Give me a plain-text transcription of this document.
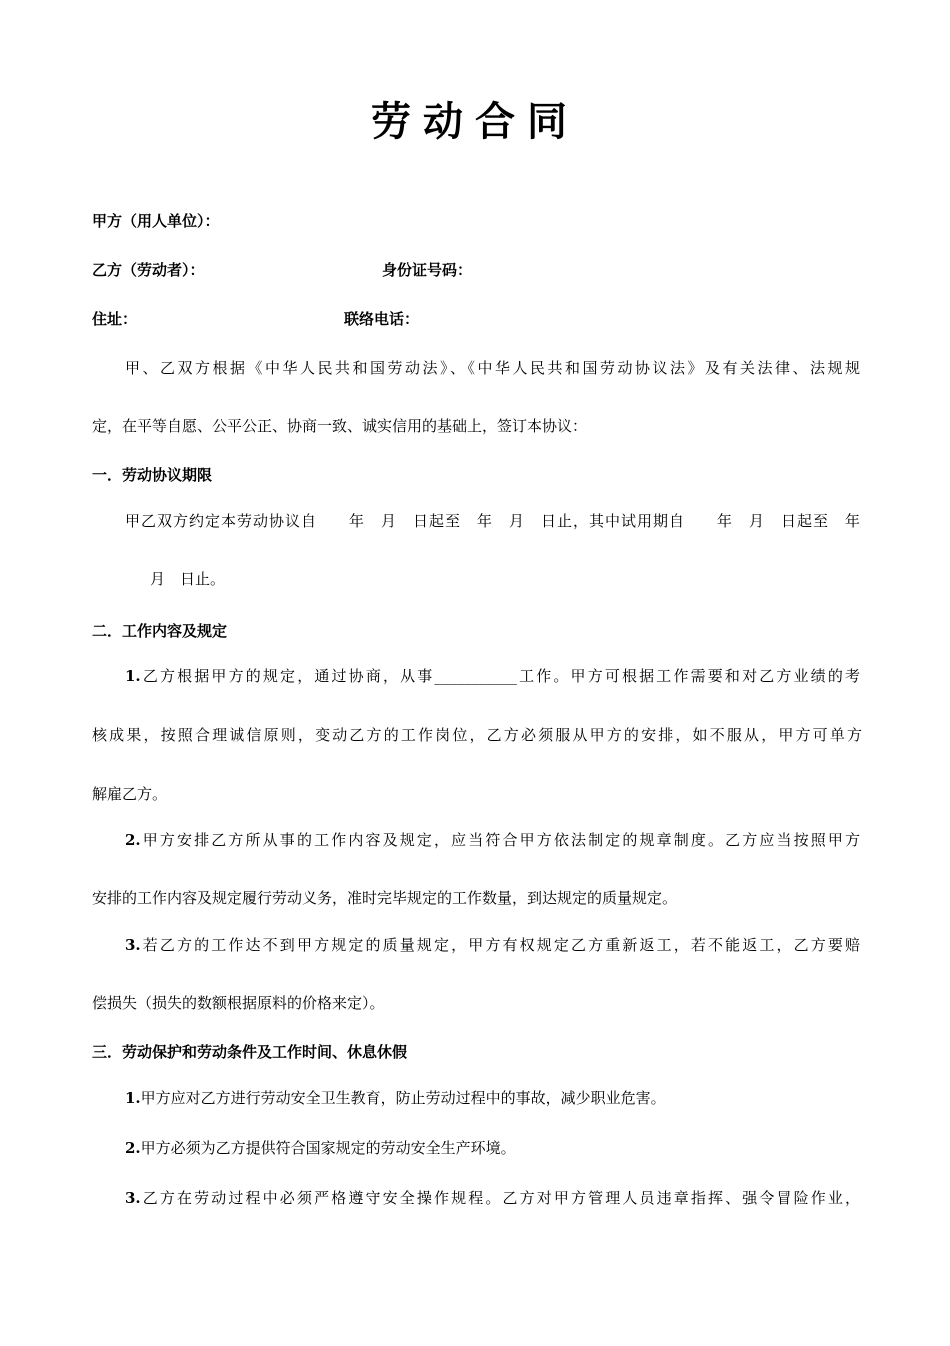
劳动合同
甲方（用人单位）：
乙方（劳动者）：	身份证号码：
住址：	联络电话：
甲、乙双方根据《中华人民共和国劳动法》、《中华人民共和国劳动协议法》及有关法律、法规规
定，在平等自愿、公平公正、协商一致、诚实信用的基础上，签订本协议：
一．劳动协议期限
甲乙双方约定本劳动协议自　　年　月　日起至　年　月　日止，其中试用期自　　年　月　日起至　年
月　日止。
二．工作内容及规定
1.乙方根据甲方的规定，通过协商，从事___________工作。甲方可根据工作需要和对乙方业绩的考
核成果，按照合理诚信原则，变动乙方的工作岗位，乙方必须服从甲方的安排，如不服从，甲方可单方
解雇乙方。
2.甲方安排乙方所从事的工作内容及规定，应当符合甲方依法制定的规章制度。乙方应当按照甲方
安排的工作内容及规定履行劳动义务，准时完毕规定的工作数量，到达规定的质量规定。
3.若乙方的工作达不到甲方规定的质量规定，甲方有权规定乙方重新返工，若不能返工，乙方要赔
偿损失（损失的数额根据原料的价格来定）。
三．劳动保护和劳动条件及工作时间、休息休假
1.甲方应对乙方进行劳动安全卫生教育，防止劳动过程中的事故，减少职业危害。
2.甲方必须为乙方提供符合国家规定的劳动安全生产环境。
3.乙方在劳动过程中必须严格遵守安全操作规程。乙方对甲方管理人员违章指挥、强令冒险作业，
